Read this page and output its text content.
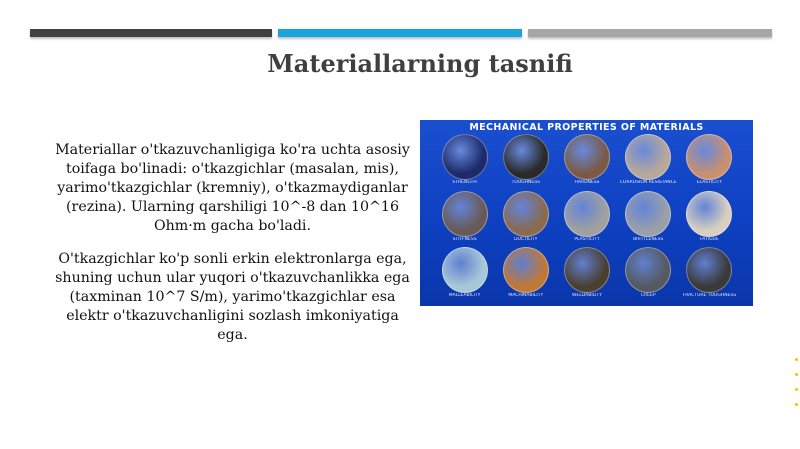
Materiallarning tasnifi

Materiallar o'tkazuvchanligiga ko'ra uchta asosiy toifaga bo'linadi: o'tkazgichlar (masalan, mis), yarimo'tkazgichlar (kremniy), o'tkazmaydiganlar (rezina). Ularning qarshiligi 10^-8 dan 10^16 Ohm·m gacha bo'ladi.

O'tkazgichlar ko'p sonli erkin elektronlarga ega, shuning uchun ular yuqori o'tkazuvchanlikka ega (taxminan 10^7 S/m), yarimo'tkazgichlar esa elektr o'tkazuvchanligini sozlash imkoniyatiga ega.

MECHANICAL PROPERTIES OF MATERIALS
STRENGTH	TOUGHNESS	HARDNESS	CORROSION RESISTANCE	ELASTICITY
STIFFNESS	DUCTILITY	PLASTICITY	BRITTLENESS	FATIGUE
MALLEABILITY	MACHINABILITY	WELDABILITY	CREEP	FRACTURE TOUGHNESS
